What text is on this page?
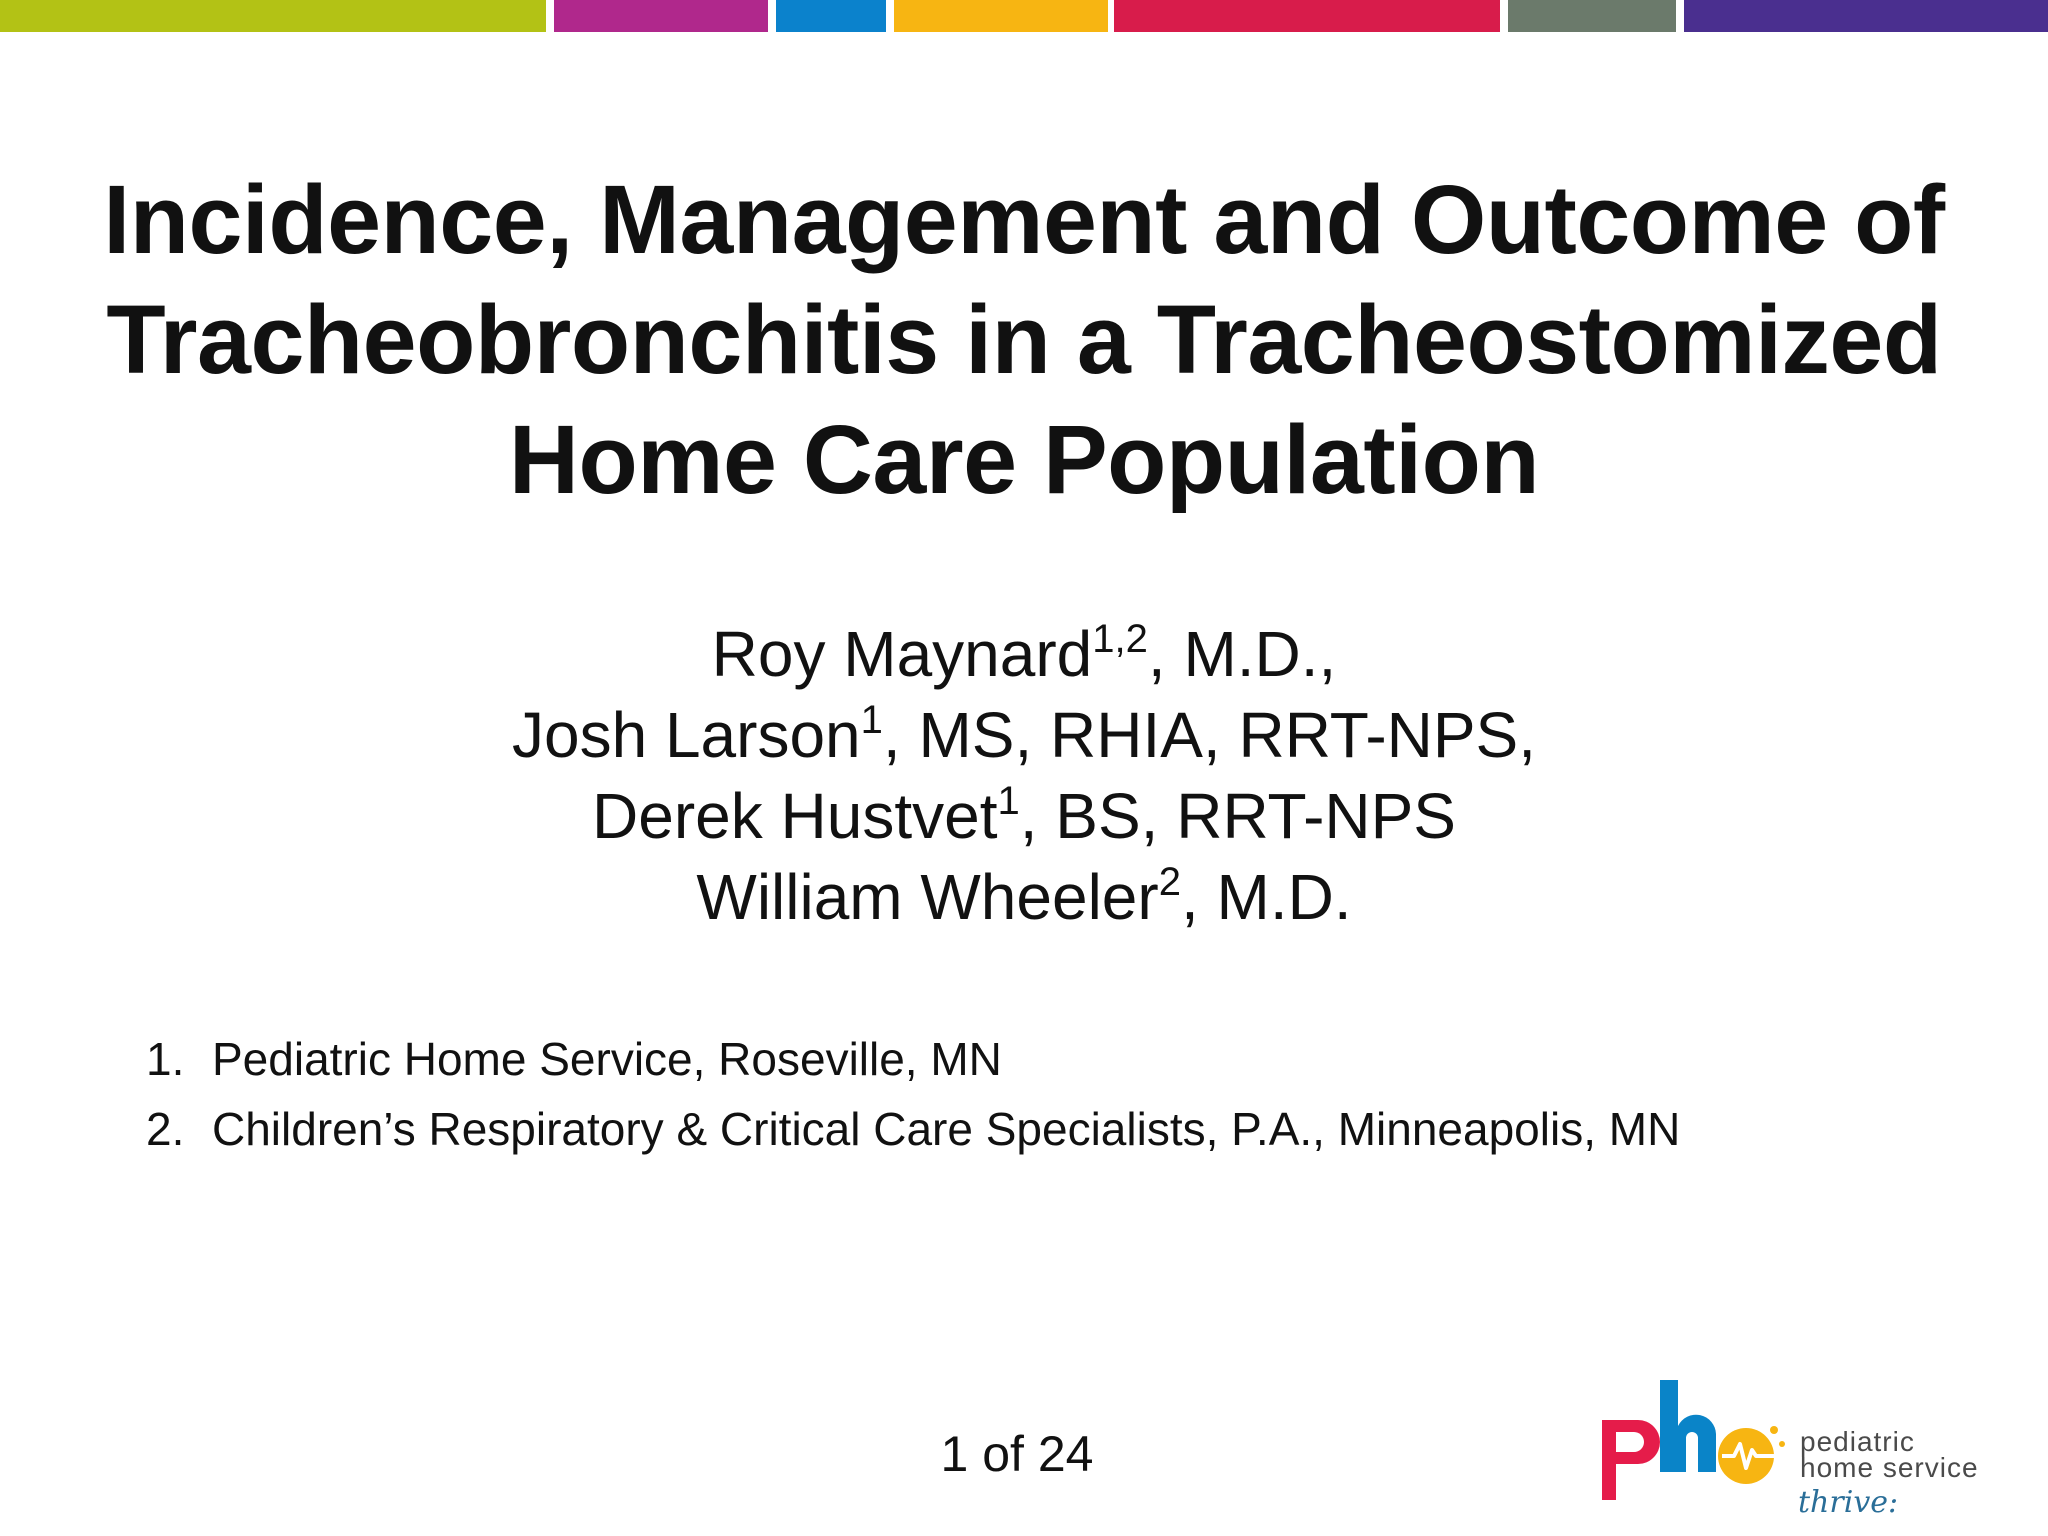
Incidence, Management and Outcome of
Tracheobronchitis in a Tracheostomized
Home Care Population
Roy Maynard$^{1,2}$, M.D.,
Josh Larson$^1$, MS, RHIA, RRT-NPS,
Derek Hustvet$^1$, BS, RRT-NPS
William Wheeler$^2$, M.D.
1. Pediatric Home Service, Roseville, MN
2. Children’s Respiratory & Critical Care Specialists, P.A., Minneapolis, MN
1 of 24	pediatric
home service
thrive:
